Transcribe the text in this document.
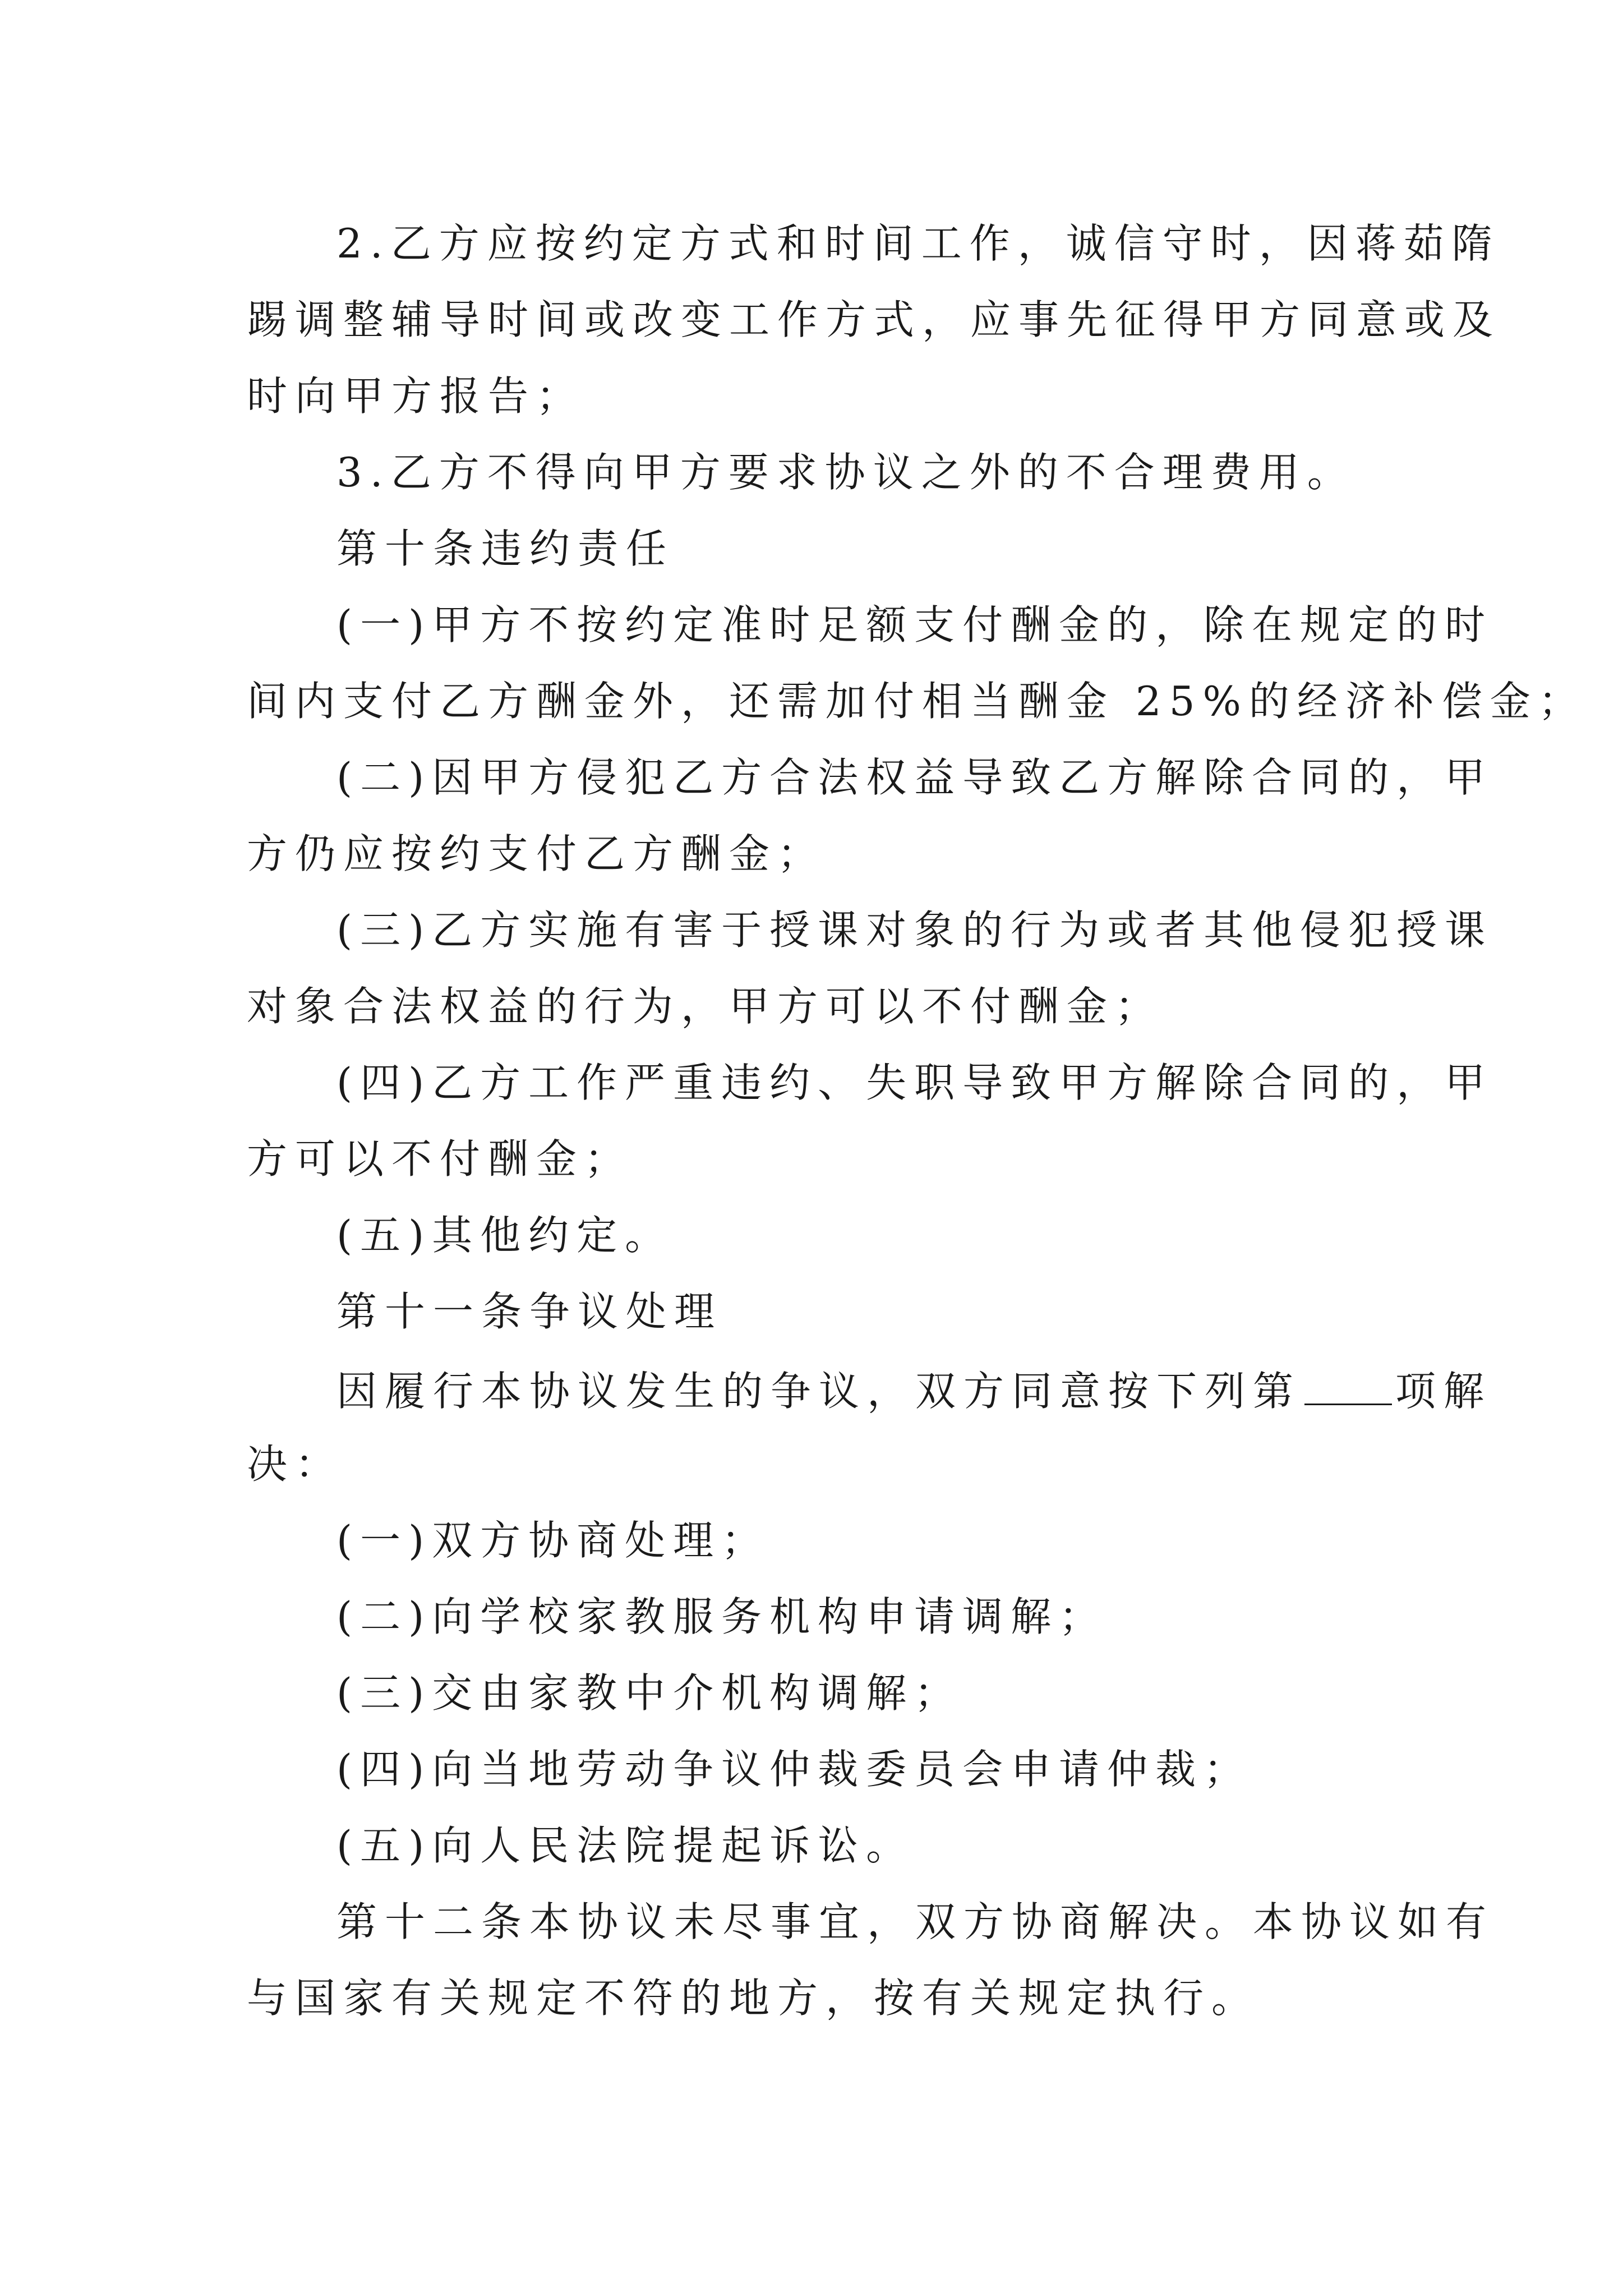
2.乙方应按约定方式和时间工作，诚信守时，因蒋茹隋
踢调整辅导时间或改变工作方式，应事先征得甲方同意或及
时向甲方报告；
3.乙方不得向甲方要求协议之外的不合理费用。
第十条违约责任
(一)甲方不按约定准时足额支付酬金的，除在规定的时
间内支付乙方酬金外，还需加付相当酬金 25%的经济补偿金；
(二)因甲方侵犯乙方合法权益导致乙方解除合同的，甲
方仍应按约支付乙方酬金；
(三)乙方实施有害于授课对象的行为或者其他侵犯授课
对象合法权益的行为，甲方可以不付酬金；
(四)乙方工作严重违约、失职导致甲方解除合同的，甲
方可以不付酬金；
(五)其他约定。
第十一条争议处理
因履行本协议发生的争议，双方同意按下列第 项解
决：
(一)双方协商处理；
(二)向学校家教服务机构申请调解；
(三)交由家教中介机构调解；
(四)向当地劳动争议仲裁委员会申请仲裁；
(五)向人民法院提起诉讼。
第十二条本协议未尽事宜，双方协商解决。本协议如有
与国家有关规定不符的地方，按有关规定执行。
